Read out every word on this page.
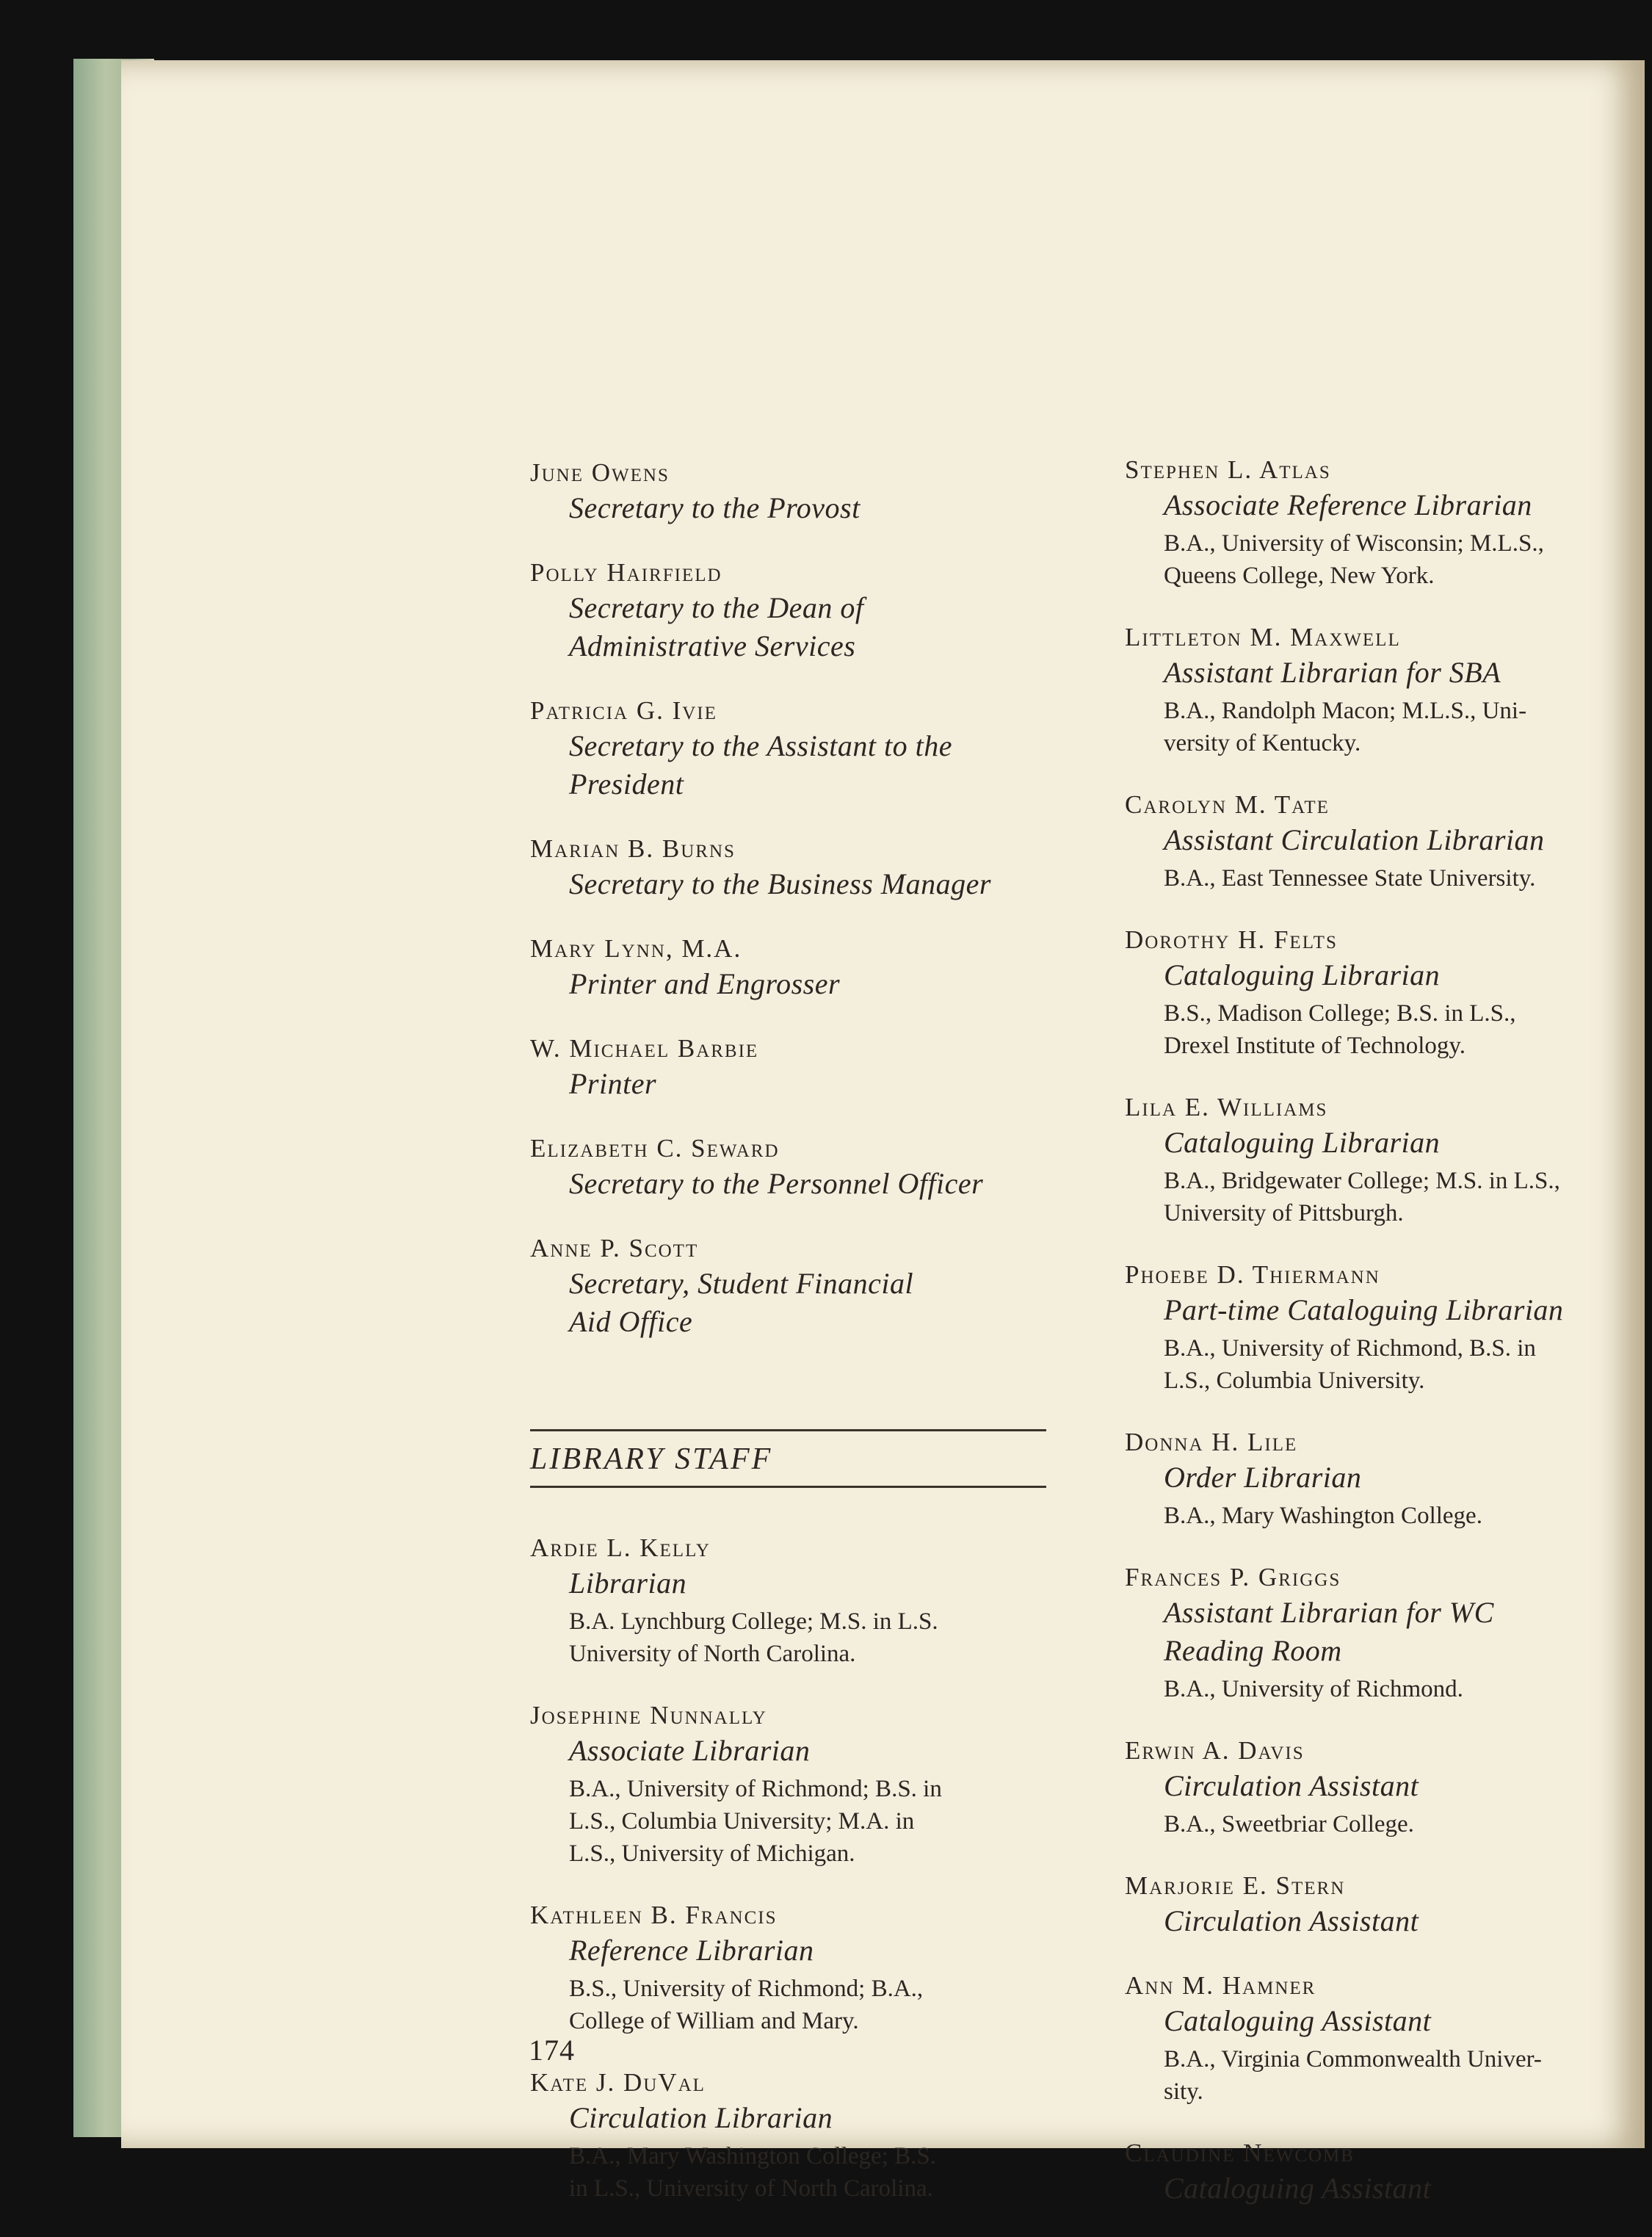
June Owens
Secretary to the Provost
Polly Hairfield
Secretary to the Dean of
Administrative Services
Patricia G. Ivie
Secretary to the Assistant to the
President
Marian B. Burns
Secretary to the Business Manager
Mary Lynn, M.A.
Printer and Engrosser
W. Michael Barbie
Printer
Elizabeth C. Seward
Secretary to the Personnel Officer
Anne P. Scott
Secretary, Student Financial
Aid Office
LIBRARY STAFF
Ardie L. Kelly
Librarian
B.A. Lynchburg College; M.S. in L.S.
University of North Carolina.
Josephine Nunnally
Associate Librarian
B.A., University of Richmond; B.S. in
L.S., Columbia University; M.A. in
L.S., University of Michigan.
Kathleen B. Francis
Reference Librarian
B.S., University of Richmond; B.A.,
College of William and Mary.
Kate J. DuVal
Circulation Librarian
B.A., Mary Washington College; B.S.
in L.S., University of North Carolina.
Stephen L. Atlas
Associate Reference Librarian
B.A., University of Wisconsin; M.L.S.,
Queens College, New York.
Littleton M. Maxwell
Assistant Librarian for SBA
B.A., Randolph Macon; M.L.S., Uni-
versity of Kentucky.
Carolyn M. Tate
Assistant Circulation Librarian
B.A., East Tennessee State University.
Dorothy H. Felts
Cataloguing Librarian
B.S., Madison College; B.S. in L.S.,
Drexel Institute of Technology.
Lila E. Williams
Cataloguing Librarian
B.A., Bridgewater College; M.S. in L.S.,
University of Pittsburgh.
Phoebe D. Thiermann
Part-time Cataloguing Librarian
B.A., University of Richmond, B.S. in
L.S., Columbia University.
Donna H. Lile
Order Librarian
B.A., Mary Washington College.
Frances P. Griggs
Assistant Librarian for WC
Reading Room
B.A., University of Richmond.
Erwin A. Davis
Circulation Assistant
B.A., Sweetbriar College.
Marjorie E. Stern
Circulation Assistant
Ann M. Hamner
Cataloguing Assistant
B.A., Virginia Commonwealth Univer-
sity.
Claudine Newcomb
Cataloguing Assistant
174
